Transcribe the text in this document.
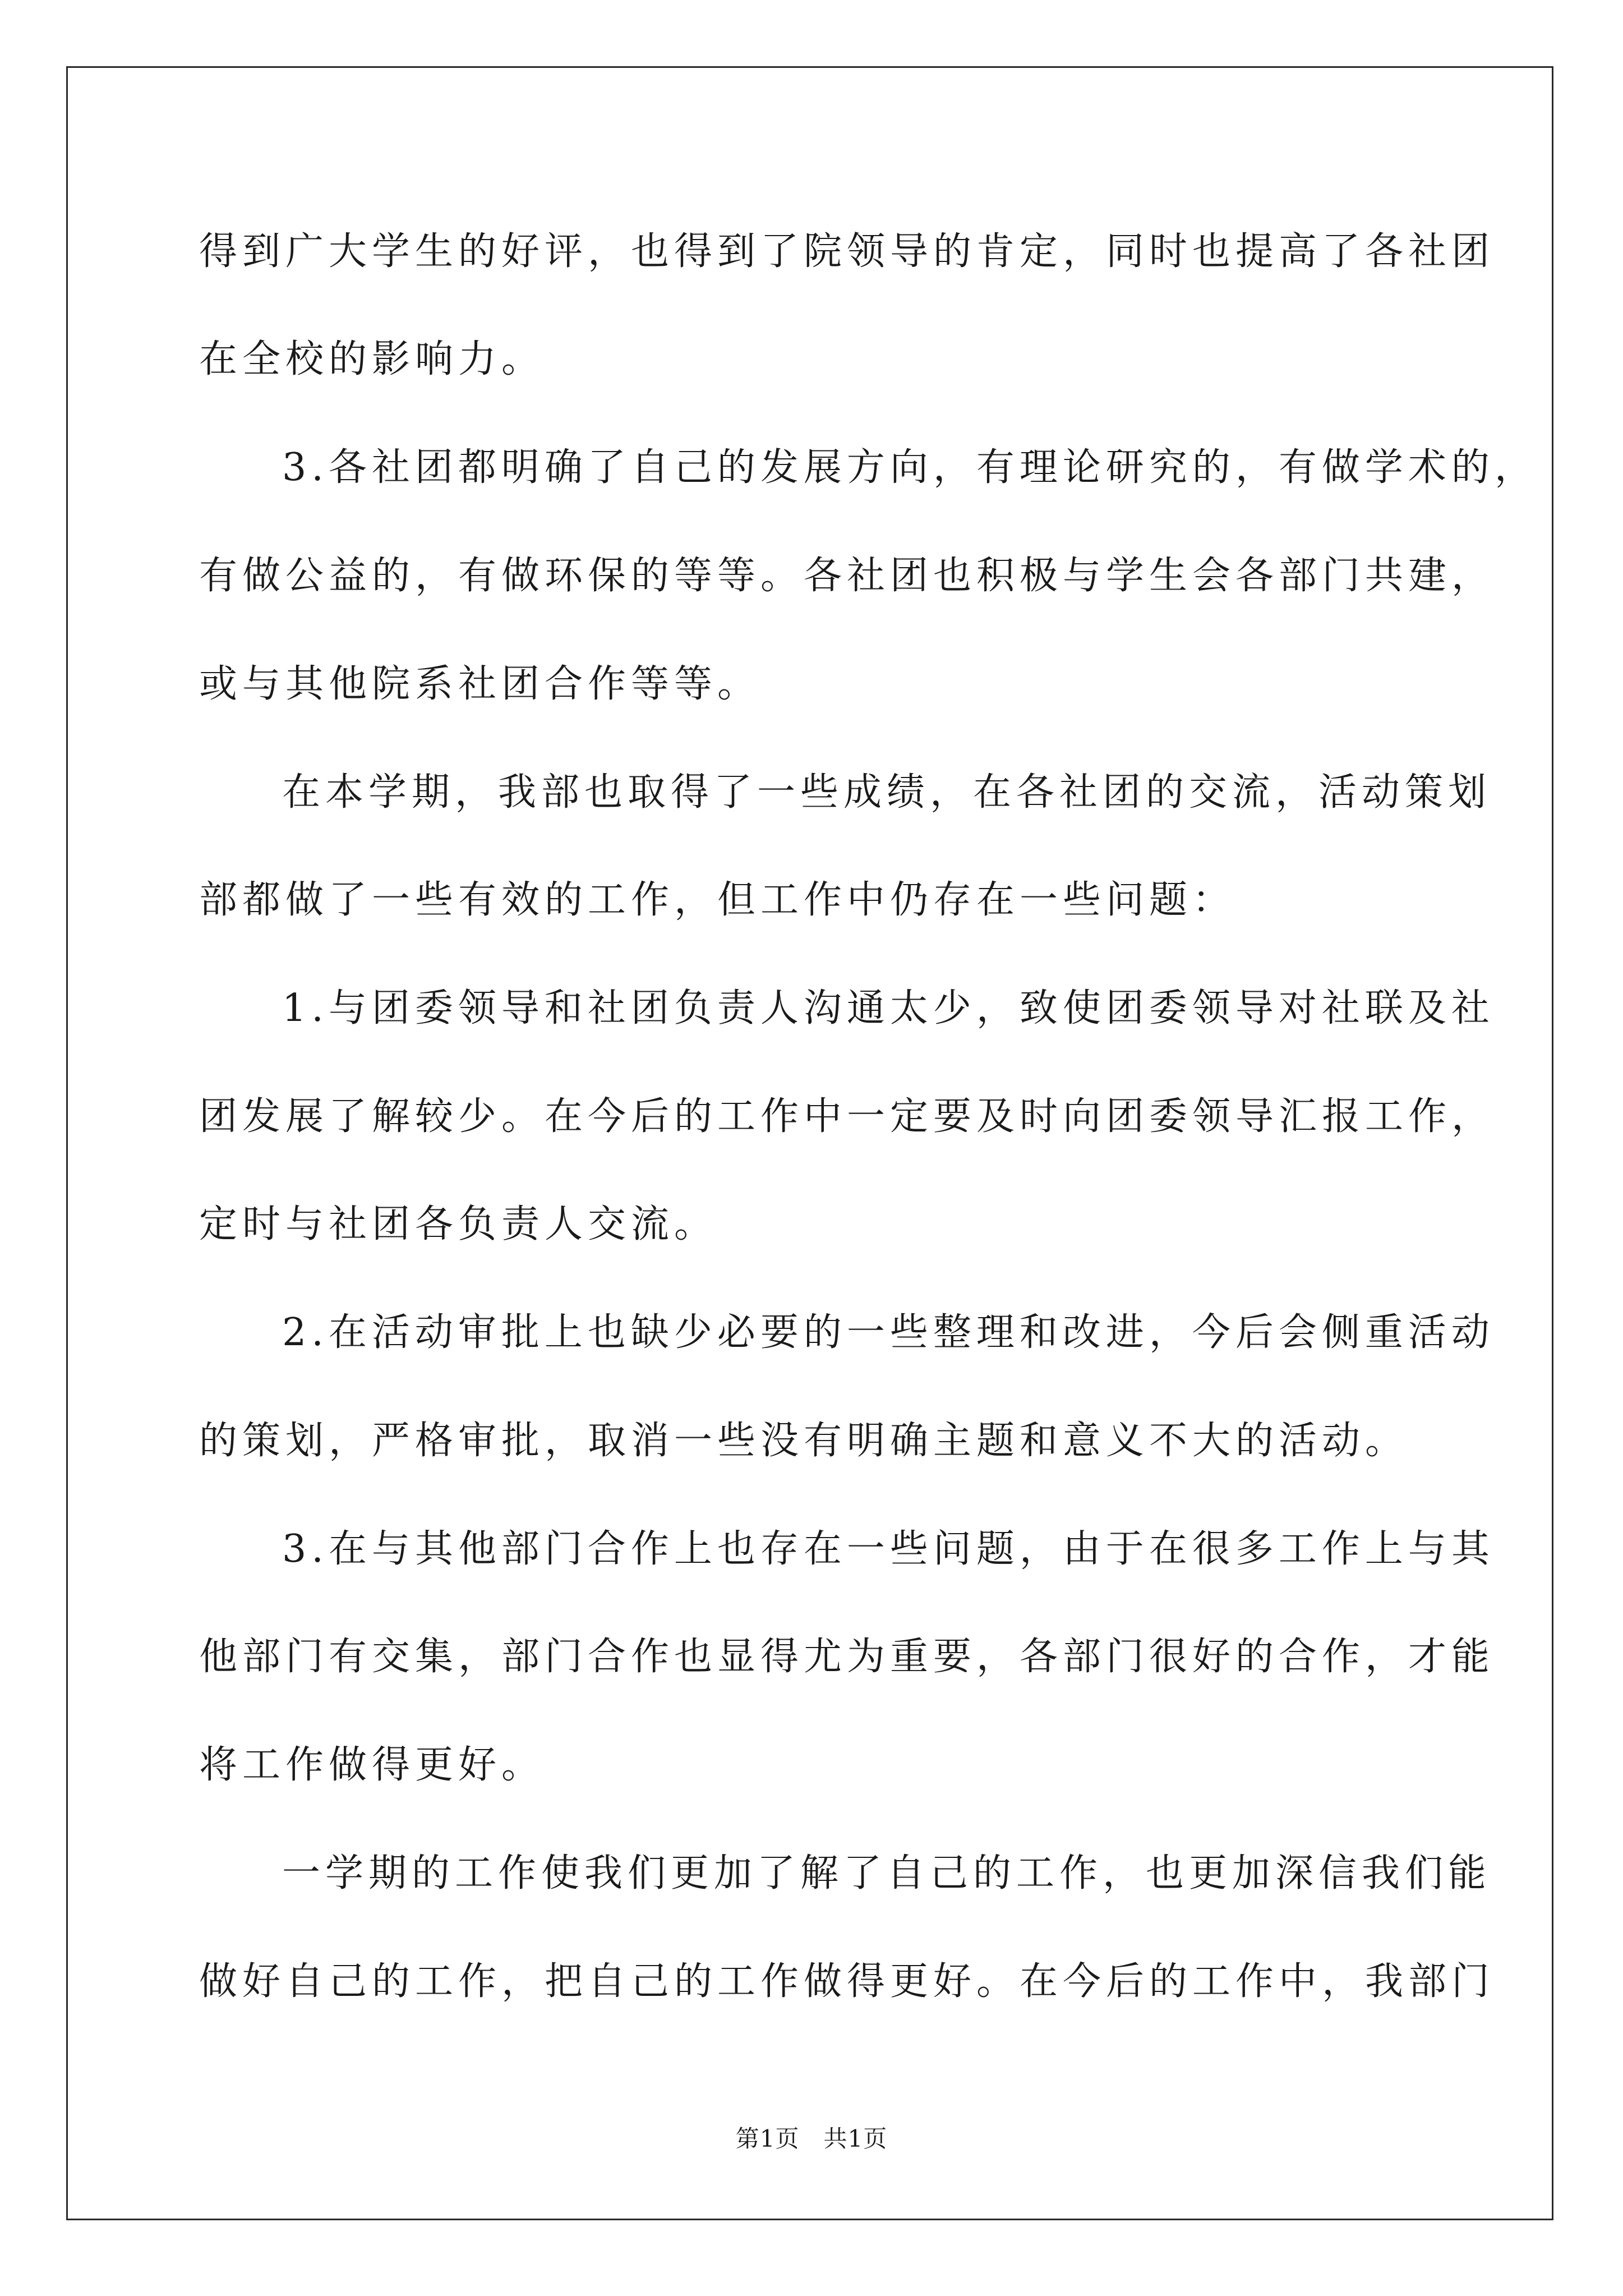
得到广大学生的好评，也得到了院领导的肯定，同时也提高了各社团
在全校的影响力。
3.各社团都明确了自己的发展方向，有理论研究的，有做学术的，
有做公益的，有做环保的等等。各社团也积极与学生会各部门共建，
或与其他院系社团合作等等。
在本学期，我部也取得了一些成绩，在各社团的交流，活动策划
部都做了一些有效的工作，但工作中仍存在一些问题：
1.与团委领导和社团负责人沟通太少，致使团委领导对社联及社
团发展了解较少。在今后的工作中一定要及时向团委领导汇报工作，
定时与社团各负责人交流。
2.在活动审批上也缺少必要的一些整理和改进，今后会侧重活动
的策划，严格审批，取消一些没有明确主题和意义不大的活动。
3.在与其他部门合作上也存在一些问题，由于在很多工作上与其
他部门有交集，部门合作也显得尤为重要，各部门很好的合作，才能
将工作做得更好。
一学期的工作使我们更加了解了自己的工作，也更加深信我们能
做好自己的工作，把自己的工作做得更好。在今后的工作中，我部门
第1页　共1页
